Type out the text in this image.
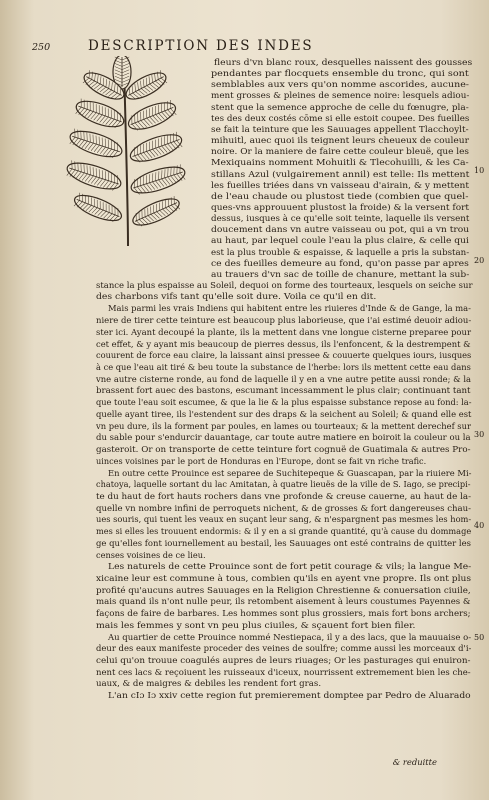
250	DESCRIPTION DES INDES
fleurs d'vn blanc roux, desquelles naissent des gousses
pendantes par flocquets ensemble du tronc, qui sont
semblables aux vers qu'on nomme ascorides, aucune-
ment grosses & pleines de semence noire: lesquels adiou-
stent que la semence approche de celle du fœnugre, pla-
tes des deux costés cōme si elle estoit coupee. Des fueilles
se fait la teinture que les Sauuages appellent Tlacchoylt-
mihuitl, auec quoi ils teignent leurs cheueux de couleur
noire. Or la maniere de faire cette couleur bleuë, que les
Mexiquains nomment Mohuitli & Tlecohuilli, & les Ca-
stillans Azul (vulgairement annil) est telle: Ils mettent
les fueilles triées dans vn vaisseau d'airain, & y mettent
de l'eau chaude ou plustost tiede (combien que quel-
ques-vns approuuent plustost la froide) & la versent fort
dessus, iusques à ce qu'elle soit teinte, laquelle ils versent
doucement dans vn autre vaisseau ou pot, qui a vn trou
au haut, par lequel coule l'eau la plus claire, & celle qui
est la plus trouble & espaisse, & laquelle a pris la substan-
ce des fueilles demeure au fond, qu'on passe par apres
au trauers d'vn sac de toille de chanure, mettant la sub-
stance la plus espaisse au Soleil, dequoi on forme des tourteaux, lesquels on seiche sur
des charbons vifs tant qu'elle soit dure. Voila ce qu'il en dit.
Mais parmi les vrais Indiens qui habitent entre les riuieres d'Inde & de Gange, la ma-
niere de tirer cette teinture est beaucoup plus laborieuse, que i'ai estimé deuoir adiou-
ster ici. Ayant decoupé la plante, ils la mettent dans vne longue cisterne preparee pour
cet effet, & y ayant mis beaucoup de pierres dessus, ils l'enfoncent, & la destrempent &
couurent de force eau claire, la laissant ainsi pressee & couuerte quelques iours, iusques
à ce que l'eau ait tiré & beu toute la substance de l'herbe: lors ils mettent cette eau dans
vne autre cisterne ronde, au fond de laquelle il y en a vne autre petite aussi ronde; & la
brassent fort auec des bastons, escumant incessamment le plus clair; continuant tant
que toute l'eau soit escumee, & que la lie & la plus espaisse substance repose au fond: la-
quelle ayant tiree, ils l'estendent sur des draps & la seichent au Soleil; & quand elle est
vn peu dure, ils la forment par poules, en lames ou tourteaux; & la mettent derechef sur
du sable pour s'endurcir dauantage, car toute autre matiere en boiroit la couleur ou la
gasteroit. Or on transporte de cette teinture fort cognuë de Guatimala & autres Pro-
uinces voisines par le port de Honduras en l'Europe, dont se fait vn riche trafic.
En outre cette Prouince est separee de Suchitepeque & Guascapan, par la riuiere Mi-
chatoya, laquelle sortant du lac Amitatan, à quatre lieuës de la ville de S. Iago, se precipi-
te du haut de fort hauts rochers dans vne profonde & creuse cauerne, au haut de la-
quelle vn nombre infini de perroquets nichent, & de grosses & fort dangereuses chau-
ues souris, qui tuent les veaux en suçant leur sang, & n'espargnent pas mesmes les hom-
mes si elles les trouuent endormis: & il y en a si grande quantité, qu'à cause du dommage
ge qu'elles font iournellement au bestail, les Sauuages ont esté contrains de quitter les
censes voisines de ce lieu.
Les naturels de cette Prouince sont de fort petit courage & vils; la langue Me-
xicaine leur est commune à tous, combien qu'ils en ayent vne propre. Ils ont plus
profité qu'aucuns autres Sauuages en la Religion Chrestienne & conuersation ciuile,
mais quand ils n'ont nulle peur, ils retombent aisement à leurs coustumes Payennes &
façons de faire de barbares. Les hommes sont plus grossiers, mais fort bons archers;
mais les femmes y sont vn peu plus ciuiles, & sçauent fort bien filer.
Au quartier de cette Prouince nommé Nestiepaca, il y a des lacs, que la mauuaise o-
deur des eaux manifeste proceder des veines de soulfre; comme aussi les morceaux d'i-
celui qu'on trouue coagulés aupres de leurs riuages; Or les pasturages qui enuiron-
nent ces lacs & reçoiuent les ruisseaux d'iceux, nourrissent extremement bien les che-
uaux, & de maigres & debiles les rendent fort gras.
L'an cIɔ Iɔ xxiv cette region fut premierement domptee par Pedro de Aluarado
10
20
30
40
50
& reduitte
